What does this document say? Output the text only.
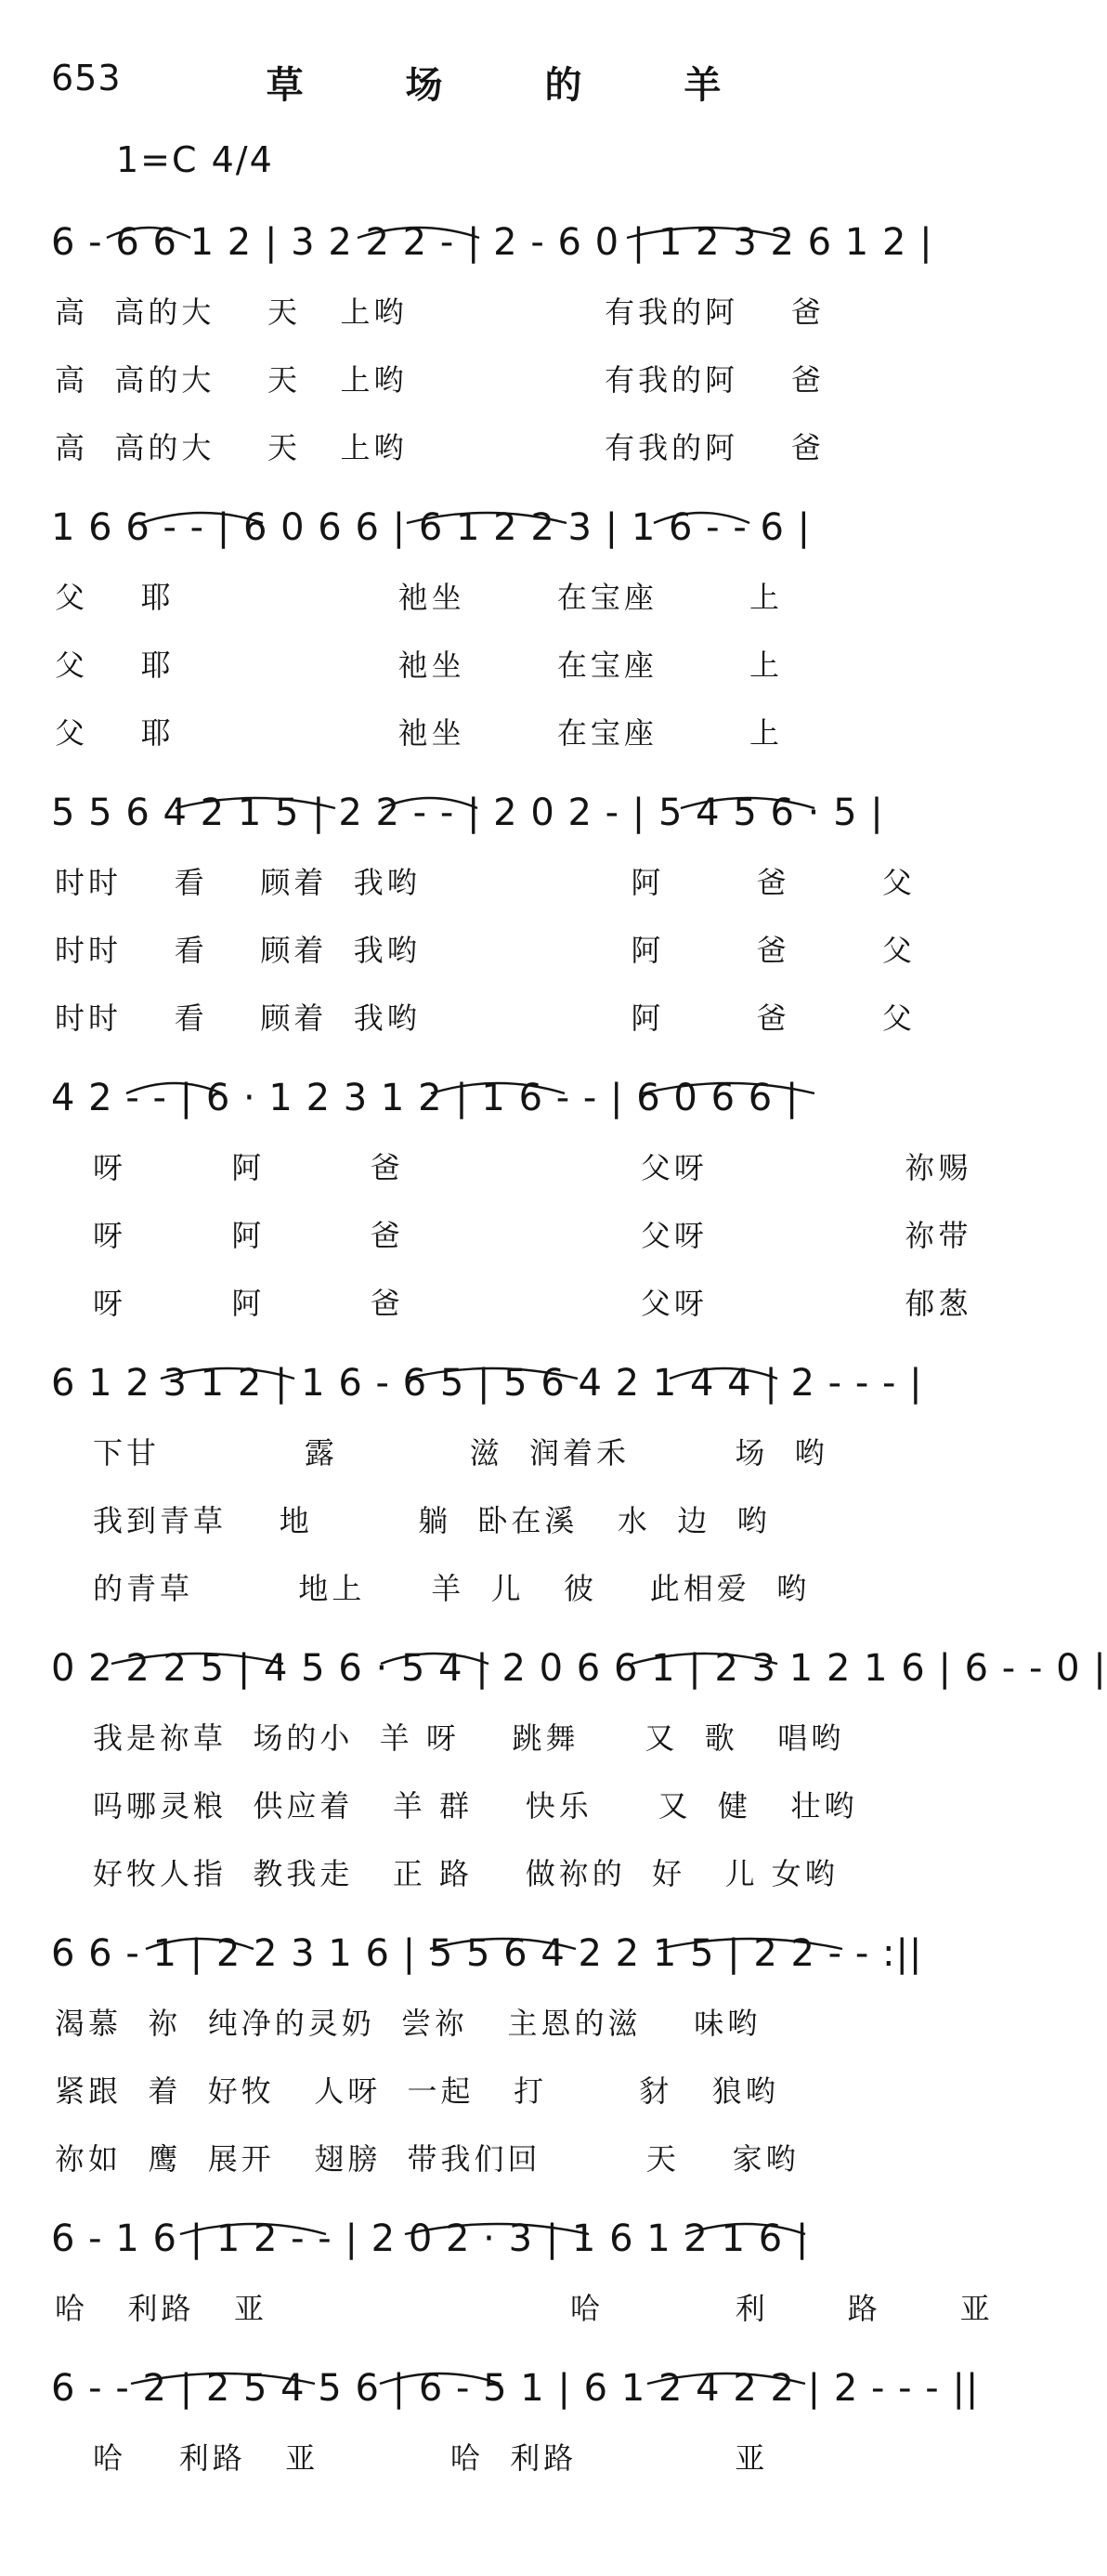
653	草 场 的 羊
1=C 4/4
6 - 6 6 1 2 | 3 2 2 2 - | 2 - 6 0 | 1 2 3 2 6 1 2 |
高  高的大    天   上哟               有我的阿    爸
高  高的大    天   上哟               有我的阿    爸
高  高的大    天   上哟               有我的阿    爸
1 6 6 - - | 6 0 6 6 | 6 1 2 2 3 | 1 6 - - 6 |
父    耶                 祂坐       在宝座       上
父    耶                 祂坐       在宝座       上
父    耶                 祂坐       在宝座       上
5 5 6 4 2 1 5 | 2 2 - - | 2 0 2 - | 5 4 5 6 · 5 |
时时    看    顾着  我哟                阿       爸       父
时时    看    顾着  我哟                阿       爸       父
时时    看    顾着  我哟                阿       爸       父
4 2 - - | 6 · 1 2 3 1 2 | 1 6 - - | 6 0 6 6 |
呀        阿        爸                  父呀               祢赐
呀        阿        爸                  父呀               祢带
呀        阿        爸                  父呀               郁葱
6 1 2 3 1 2 | 1 6 - 6 5 | 5 6 4 2 1 4 4 | 2 - - - |
下甘           露          滋  润着禾        场  哟
我到青草    地        躺  卧在溪   水  边  哟
的青草        地上     羊  儿   彼    此相爱  哟
0 2 2 2 5 | 4 5 6 · 5 4 | 2 0 6 6 1 | 2 3 1 2 1 6 | 6 - - 0 |
我是祢草  场的小  羊 呀    跳舞     又  歌   唱哟
吗哪灵粮  供应着   羊 群    快乐     又  健   壮哟
好牧人指  教我走   正 路    做祢的  好   儿 女哟
6 6 - 1 | 2 2 3 1 6 | 5 5 6 4 2 2 1 5 | 2 2 - - :||
渴慕  祢  纯净的灵奶  尝祢   主恩的滋    味哟
紧跟  着  好牧   人呀  一起   打       豺   狼哟
祢如  鹰  展开   翅膀  带我们回        天    家哟
6 - 1 6 | 1 2 - - | 2 0 2 · 3 | 1 6 1 2 1 6 |
哈   利路   亚                       哈          利      路      亚
6 - - 2 | 2 5 4 5 6 | 6 - 5 1 | 6 1 2 4 2 2 | 2 - - - ||
哈    利路   亚          哈  利路            亚
